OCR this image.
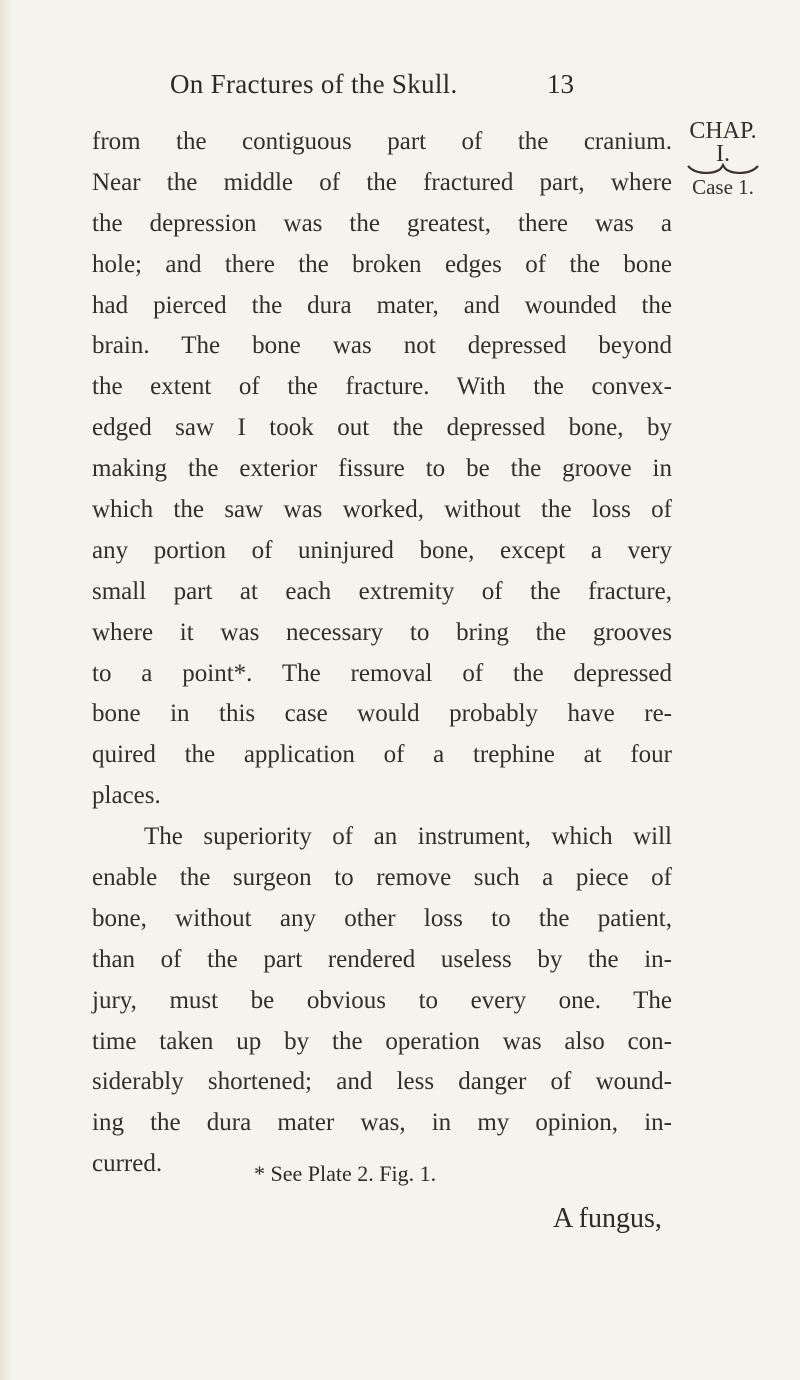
On Fractures of the Skull.	13
from the contiguous part of the cranium.
Near the middle of the fractured part, where
the depression was the greatest, there was a
hole; and there the broken edges of the bone
had pierced the dura mater, and wounded the
brain. The bone was not depressed beyond
the extent of the fracture. With the convex-
edged saw I took out the depressed bone, by
making the exterior fissure to be the groove in
which the saw was worked, without the loss of
any portion of uninjured bone, except a very
small part at each extremity of the fracture,
where it was necessary to bring the grooves
to a point*. The removal of the depressed
bone in this case would probably have re-
quired the application of a trephine at four
places.
The superiority of an instrument, which will
enable the surgeon to remove such a piece of
bone, without any other loss to the patient,
than of the part rendered useless by the in-
jury, must be obvious to every one. The
time taken up by the operation was also con-
siderably shortened; and less danger of wound-
ing the dura mater was, in my opinion, in-
curred.
CHAP.
I.
Case 1.
* See Plate 2. Fig. 1.
A fungus,
